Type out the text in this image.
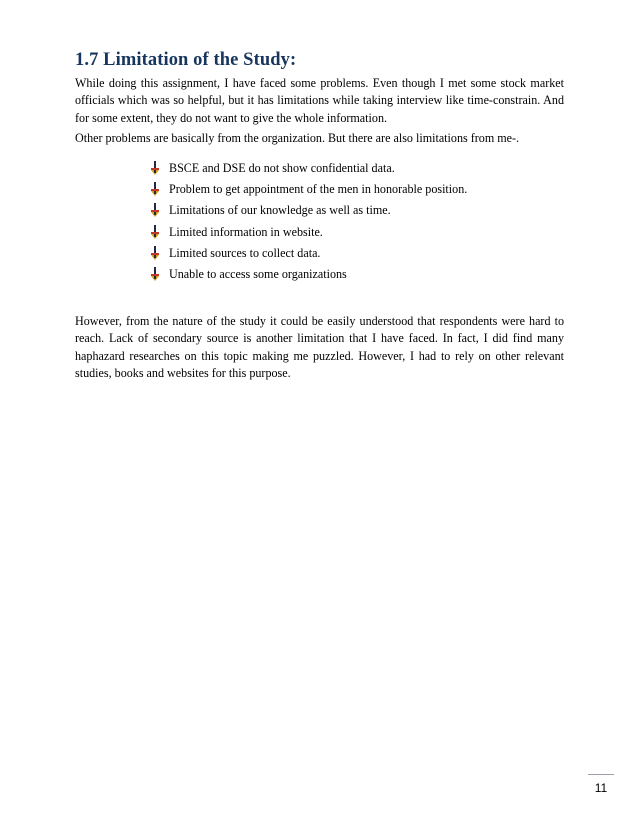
1.7 Limitation of the Study:

While doing this assignment, I have faced some problems. Even though I met some stock market officials which was so helpful, but it has limitations while taking interview like time-constrain. And for some extent, they do not want to give the whole information.

Other problems are basically from the organization. But there are also limitations from me-.

BSCE and DSE do not show confidential data.
Problem to get appointment of the men in honorable position.
Limitations of our knowledge as well as time.
Limited information in website.
Limited sources to collect data.
Unable to access some organizations

However, from the nature of the study it could be easily understood that respondents were hard to reach. Lack of secondary source is another limitation that I have faced. In fact, I did find many haphazard researches on this topic making me puzzled. However, I had to rely on other relevant studies, books and websites for this purpose.

11
